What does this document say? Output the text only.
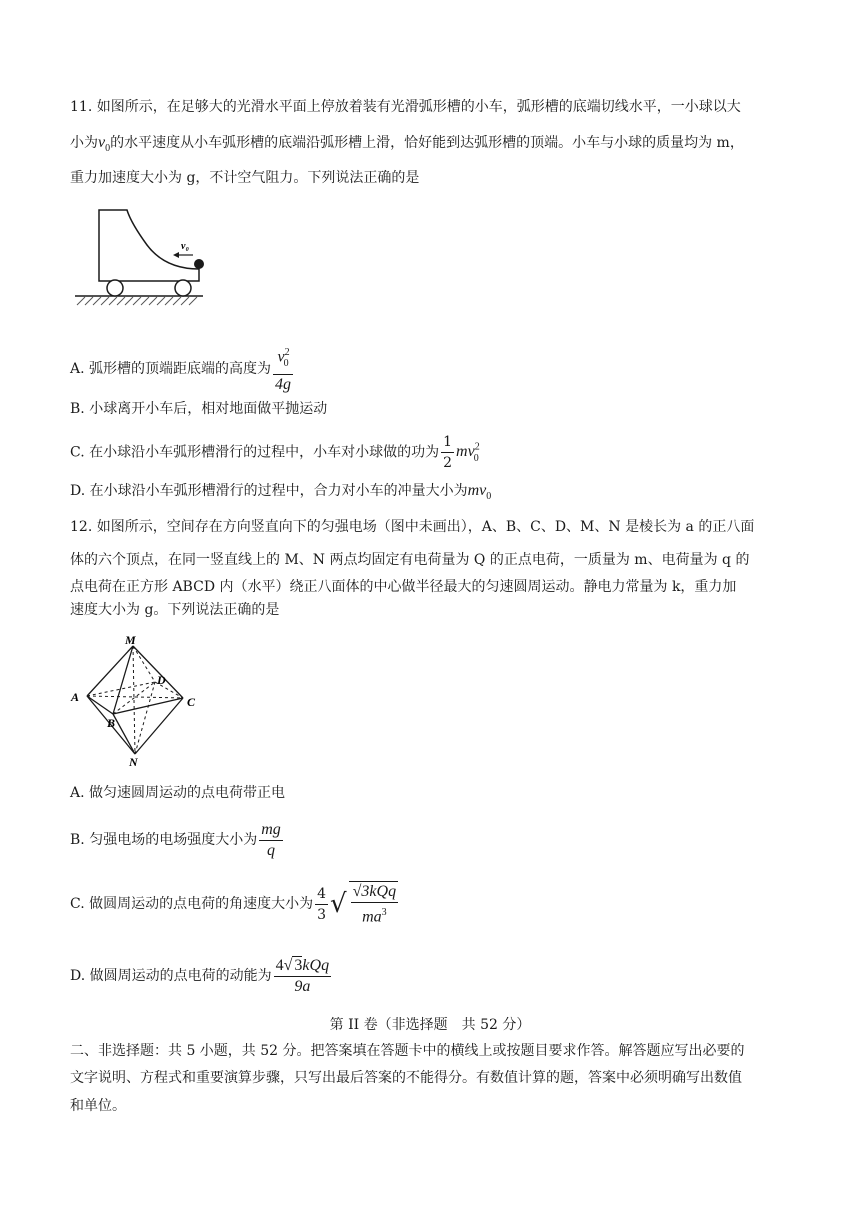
11. 如图所示，在足够大的光滑水平面上停放着装有光滑弧形槽的小车，弧形槽的底端切线水平，一小球以大
小为$v_0$的水平速度从小车弧形槽的底端沿弧形槽上滑，恰好能到达弧形槽的顶端。小车与小球的质量均为 m，
重力加速度大小为 g，不计空气阻力。下列说法正确的是
v₀
A. 弧形槽的顶端距底端的高度为 $\frac{v^2_0}{4g}$
B. 小球离开小车后，相对地面做平抛运动
C. 在小球沿小车弧形槽滑行的过程中，小车对小球做的功为 $\frac{1}{2} mv^2_0$
D. 在小球沿小车弧形槽滑行的过程中，合力对小车的冲量大小为$mv_0$
12. 如图所示，空间存在方向竖直向下的匀强电场（图中未画出），A、B、C、D、M、N 是棱长为 a 的正八面
体的六个顶点，在同一竖直线上的 M、N 两点均固定有电荷量为 Q 的正点电荷，一质量为 m、电荷量为 q 的
点电荷在正方形 ABCD 内（水平）绕正八面体的中心做半径最大的匀速圆周运动。静电力常量为 k，重力加
速度大小为 g。下列说法正确的是
M
A
B
C
D
N
A. 做匀速圆周运动的点电荷带正电
B. 匀强电场的电场强度大小为 $\frac{mg}{q}$
C. 做圆周运动的点电荷的角速度大小为 $\frac{4}{3}$ √ $\frac{\text{√3kQq}}{ma^3}$
D. 做圆周运动的点电荷的动能为 $\frac{\text{4√ 3kQq}}{9a}$
第 II 卷（非选择题　共 52 分）
二、非选择题：共 5 小题，共 52 分。把答案填在答题卡中的横线上或按题目要求作答。解答题应写出必要的
文字说明、方程式和重要演算步骤，只写出最后答案的不能得分。有数值计算的题，答案中必须明确写出数值
和单位。
